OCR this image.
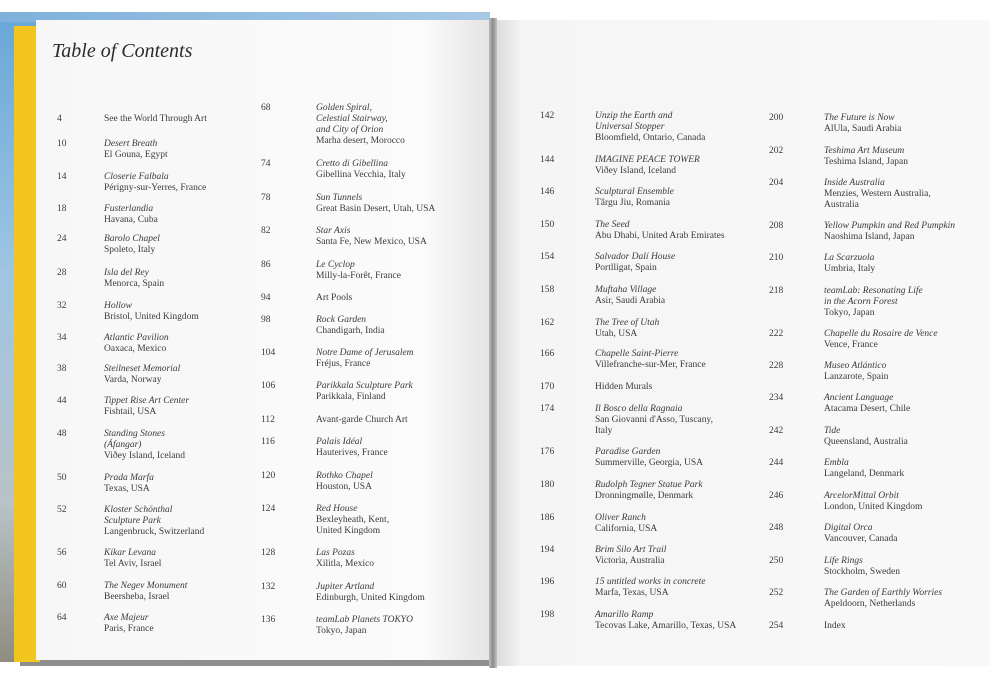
Table of Contents
4	See the World Through Art
10	Desert Breath
El Gouna, Egypt
14	Closerie Falbala
Périgny-sur-Yerres, France
18	Fusterlandia
Havana, Cuba
24	Barolo Chapel
Spoleto, Italy
28	Isla del Rey
Menorca, Spain
32	Hollow
Bristol, United Kingdom
34	Atlantic Pavilion
Oaxaca, Mexico
38	Steilneset Memorial
Varda, Norway
44	Tippet Rise Art Center
Fishtail, USA
48	Standing Stones
(Áfangar)
Viðey Island, Iceland
50	Prada Marfa
Texas, USA
52	Kloster Schönthal
Sculpture Park
Langenbruck, Switzerland
56	Kikar Levana
Tel Aviv, Israel
60	The Negev Monument
Beersheba, Israel
64	Axe Majeur
Paris, France
68	Golden Spiral,
Celestial Stairway,
and City of Orion
Marha desert, Morocco
74	Cretto di Gibellina
Gibellina Vecchia, Italy
78	Sun Tunnels
Great Basin Desert, Utah, USA
82	Star Axis
Santa Fe, New Mexico, USA
86	Le Cyclop
Milly-la-Forêt, France
94	Art Pools
98	Rock Garden
Chandigarh, India
104	Notre Dame of Jerusalem
Fréjus, France
106	Parikkala Sculpture Park
Parikkala, Finland
112	Avant-garde Church Art
116	Palais Idéal
Hauterives, France
120	Rothko Chapel
Houston, USA
124	Red House
Bexleyheath, Kent,
United Kingdom
128	Las Pozas
Xilitla, Mexico
132	Jupiter Artland
Edinburgh, United Kingdom
136	teamLab Planets TOKYO
Tokyo, Japan
142	Unzip the Earth and
Universal Stopper
Bloomfield, Ontario, Canada
144	IMAGINE PEACE TOWER
Viðey Island, Iceland
146	Sculptural Ensemble
Târgu Jiu, Romania
150	The Seed
Abu Dhabi, United Arab Emirates
154	Salvador Dalí House
Portlligat, Spain
158	Muftaha Village
Asir, Saudi Arabia
162	The Tree of Utah
Utah, USA
166	Chapelle Saint-Pierre
Villefranche-sur-Mer, France
170	Hidden Murals
174	Il Bosco della Ragnaia
San Giovanni d'Asso, Tuscany,
Italy
176	Paradise Garden
Summerville, Georgia, USA
180	Rudolph Tegner Statue Park
Dronningmølle, Denmark
186	Oliver Ranch
California, USA
194	Brim Silo Art Trail
Victoria, Australia
196	15 untitled works in concrete
Marfa, Texas, USA
198	Amarillo Ramp
Tecovas Lake, Amarillo, Texas, USA
200	The Future is Now
AlUla, Saudi Arabia
202	Teshima Art Museum
Teshima Island, Japan
204	Inside Australia
Menzies, Western Australia,
Australia
208	Yellow Pumpkin and Red Pumpkin
Naoshima Island, Japan
210	La Scarzuola
Umbria, Italy
218	teamLab: Resonating Life
in the Acorn Forest
Tokyo, Japan
222	Chapelle du Rosaire de Vence
Vence, France
228	Museo Atlántico
Lanzarote, Spain
234	Ancient Language
Atacama Desert, Chile
242	Tide
Queensland, Australia
244	Embla
Langeland, Denmark
246	ArcelorMittal Orbit
London, United Kingdom
248	Digital Orca
Vancouver, Canada
250	Life Rings
Stockholm, Sweden
252	The Garden of Earthly Worries
Apeldoorn, Netherlands
254	Index
